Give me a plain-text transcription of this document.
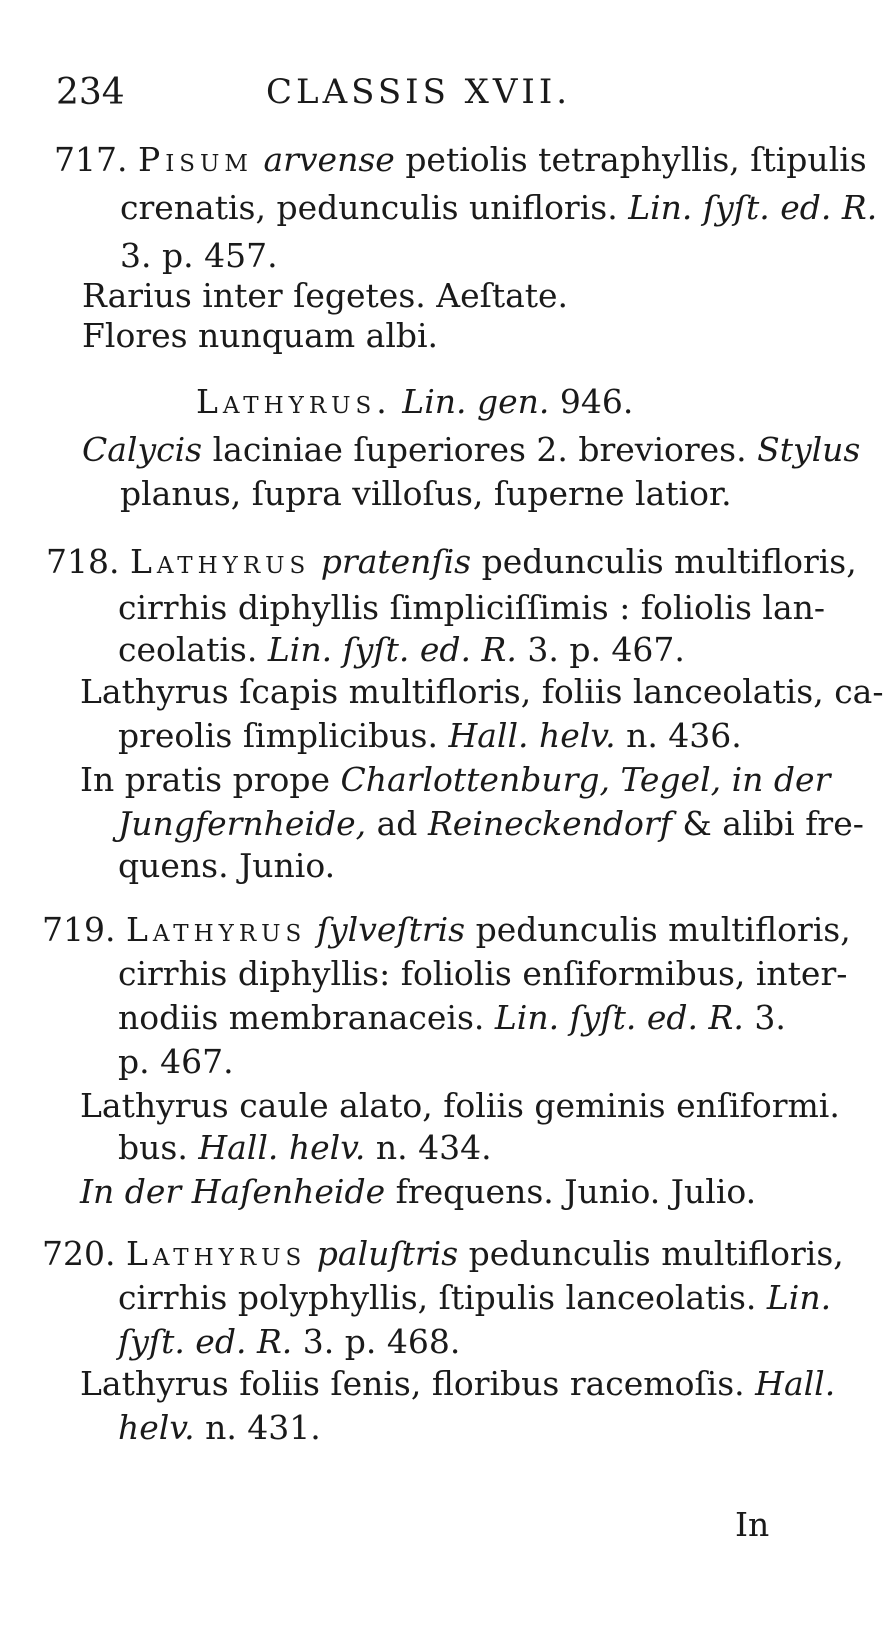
234	CLASSIS XVII.
717. Pisum arvense petiolis tetraphyllis, ſtipulis
crenatis, pedunculis unifloris. Lin. ſyſt. ed. R.
3. p. 457.
Rarius inter ſegetes. Aeſtate.
Flores nunquam albi.
Lathyrus. Lin. gen. 946.
Calycis laciniae ſuperiores 2. breviores. Stylus
planus, ſupra villoſus, ſuperne latior.
718. Lathyrus pratenſis pedunculis multifloris,
cirrhis diphyllis ſimpliciſſimis : foliolis lan-
ceolatis. Lin. ſyſt. ed. R. 3. p. 467.
Lathyrus ſcapis multifloris, foliis lanceolatis, ca-
preolis ſimplicibus. Hall. helv. n. 436.
In pratis prope Charlottenburg, Tegel, in der
Jungfernheide, ad Reineckendorf & alibi fre-
quens. Junio.
719. Lathyrus ſylveſtris pedunculis multifloris,
cirrhis diphyllis: foliolis enſiformibus, inter-
nodiis membranaceis. Lin. ſyſt. ed. R. 3.
p. 467.
Lathyrus caule alato, foliis geminis enſiformi.
bus. Hall. helv. n. 434.
In der Haſenheide frequens. Junio. Julio.
720. Lathyrus paluſtris pedunculis multifloris,
cirrhis polyphyllis, ſtipulis lanceolatis. Lin.
ſyſt. ed. R. 3. p. 468.
Lathyrus foliis ſenis, floribus racemoſis. Hall.
helv. n. 431.
In
